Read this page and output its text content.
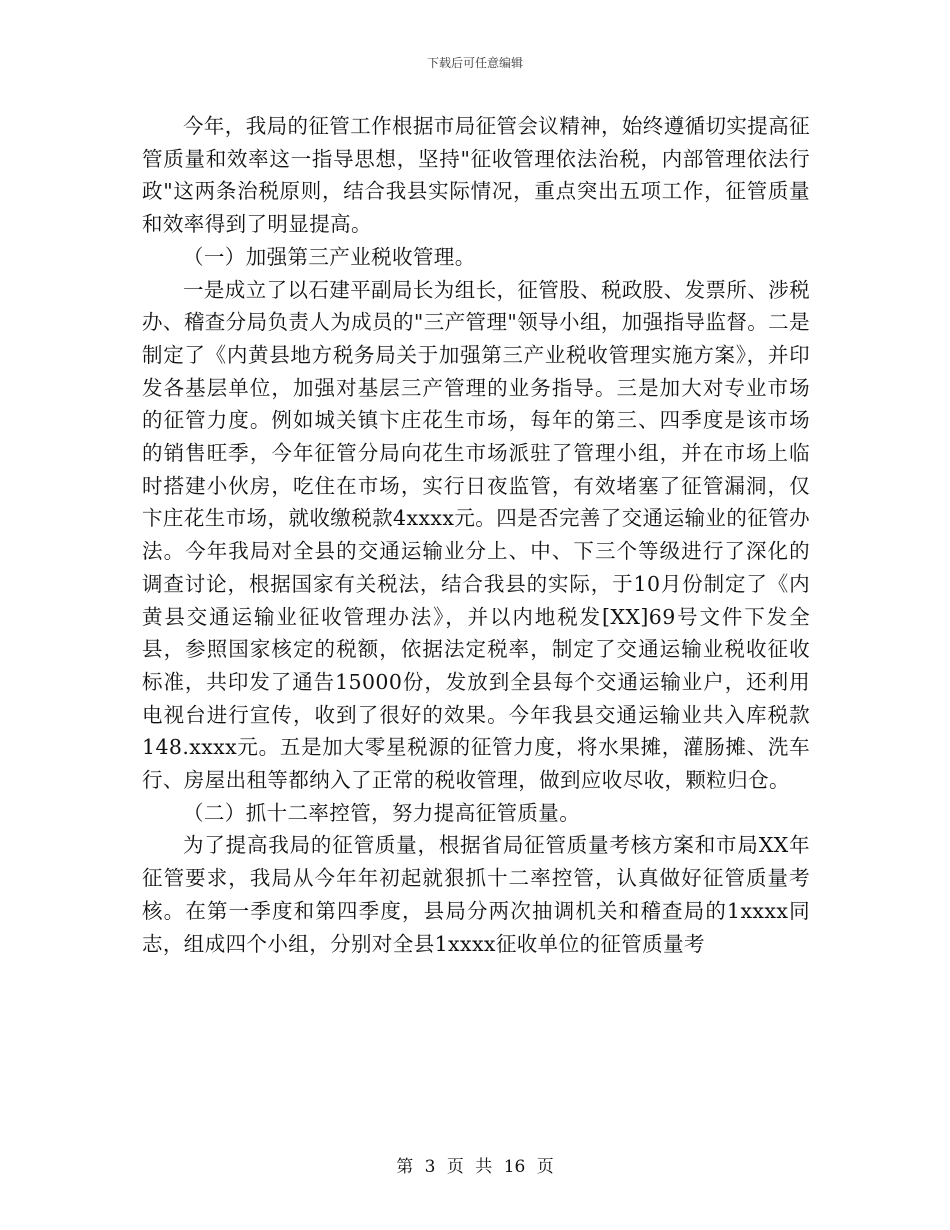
下载后可任意编辑

今年，我局的征管工作根据市局征管会议精神，始终遵循切实提高征管质量和效率这一指导思想，坚持"征收管理依法治税，内部管理依法行政"这两条治税原则，结合我县实际情况，重点突出五项工作，征管质量和效率得到了明显提高。

（一）加强第三产业税收管理。

一是成立了以石建平副局长为组长，征管股、税政股、发票所、涉税办、稽查分局负责人为成员的"三产管理"领导小组，加强指导监督。二是制定了《内黄县地方税务局关于加强第三产业税收管理实施方案》，并印发各基层单位，加强对基层三产管理的业务指导。三是加大对专业市场的征管力度。例如城关镇卞庄花生市场，每年的第三、四季度是该市场的销售旺季，今年征管分局向花生市场派驻了管理小组，并在市场上临时搭建小伙房，吃住在市场，实行日夜监管，有效堵塞了征管漏洞，仅卞庄花生市场，就收缴税款4xxxx元。四是否完善了交通运输业的征管办法。今年我局对全县的交通运输业分上、中、下三个等级进行了深化的调查讨论，根据国家有关税法，结合我县的实际，于10月份制定了《内黄县交通运输业征收管理办法》，并以内地税发[XX]69号文件下发全县，参照国家核定的税额，依据法定税率，制定了交通运输业税收征收标准，共印发了通告15000份，发放到全县每个交通运输业户，还利用电视台进行宣传，收到了很好的效果。今年我县交通运输业共入库税款148.xxxx元。五是加大零星税源的征管力度，将水果摊，灌肠摊、洗车行、房屋出租等都纳入了正常的税收管理，做到应收尽收，颗粒归仓。

（二）抓十二率控管，努力提高征管质量。

为了提高我局的征管质量，根据省局征管质量考核方案和市局XX年征管要求，我局从今年年初起就狠抓十二率控管，认真做好征管质量考核。在第一季度和第四季度，县局分两次抽调机关和稽查局的1xxxx同志，组成四个小组，分别对全县1xxxx征收单位的征管质量考

第 3 页 共 16 页
